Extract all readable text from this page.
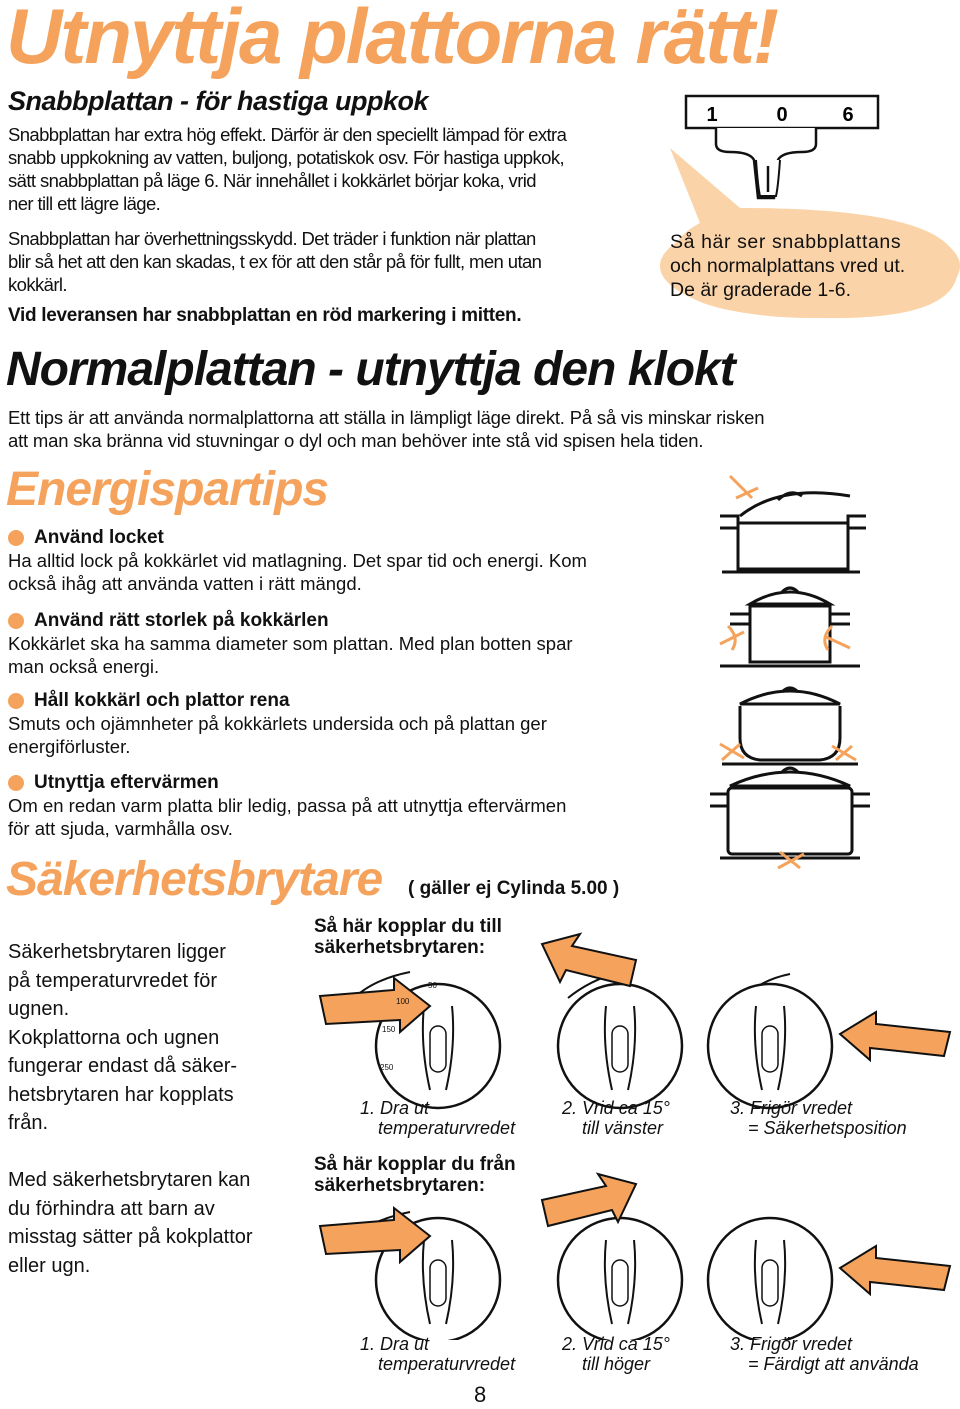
Utnyttja plattorna rätt!
Snabbplattan - för hastiga uppkok
Snabbplattan har extra hög effekt. Därför är den speciellt lämpad för extra
snabb uppkokning av vatten, buljong, potatiskok osv. För hastiga uppkok,
sätt snabbplattan på läge 6. När innehållet i kokkärlet börjar koka, vrid
ner till ett lägre läge.
Snabbplattan har överhettningsskydd. Det träder i funktion när plattan
blir så het att den kan skadas, t ex för att den står på för fullt, men utan
kokkärl.
Vid leveransen har snabbplattan en röd markering i mitten.
1	0	6
Så här ser snabbplattans
och normalplattans vred ut.
De är graderade 1-6.
Normalplattan - utnyttja den klokt
Ett tips är att använda normalplattorna att ställa in lämpligt läge direkt. På så vis minskar risken
att man ska bränna vid stuvningar o dyl och man behöver inte stå vid spisen hela tiden.
Energispartips
Använd locket
Ha alltid lock på kokkärlet vid matlagning. Det spar tid och energi. Kom
också ihåg att använda vatten i rätt mängd.
Använd rätt storlek på kokkärlen
Kokkärlet ska ha samma diameter som plattan. Med plan botten spar
man också energi.
Håll kokkärl och plattor rena
Smuts och ojämnheter på kokkärlets undersida och på plattan ger
energiförluster.
Utnyttja eftervärmen
Om en redan varm platta blir ledig, passa på att utnyttja eftervärmen
för att sjuda, varmhålla osv.
Säkerhetsbrytare ( gäller ej Cylinda 5.00 )
Säkerhetsbrytaren ligger
på temperaturvredet för
ugnen.
Kokplattorna och ugnen
fungerar endast då säker-
hetsbrytaren har kopplats
från.
Med säkerhetsbrytaren kan
du förhindra att barn av
misstag sätter på kokplattor
eller ugn.
Så här kopplar du till
säkerhetsbrytaren:
Så här kopplar du från
säkerhetsbrytaren:
50
100
150
250
1. Dra ut
temperaturvredet
2. Vrid ca 15°
till vänster
3. Frigör vredet
= Säkerhetsposition
1. Dra ut
temperaturvredet
2. Vrid ca 15°
till höger
3. Frigör vredet
= Färdigt att använda
8
